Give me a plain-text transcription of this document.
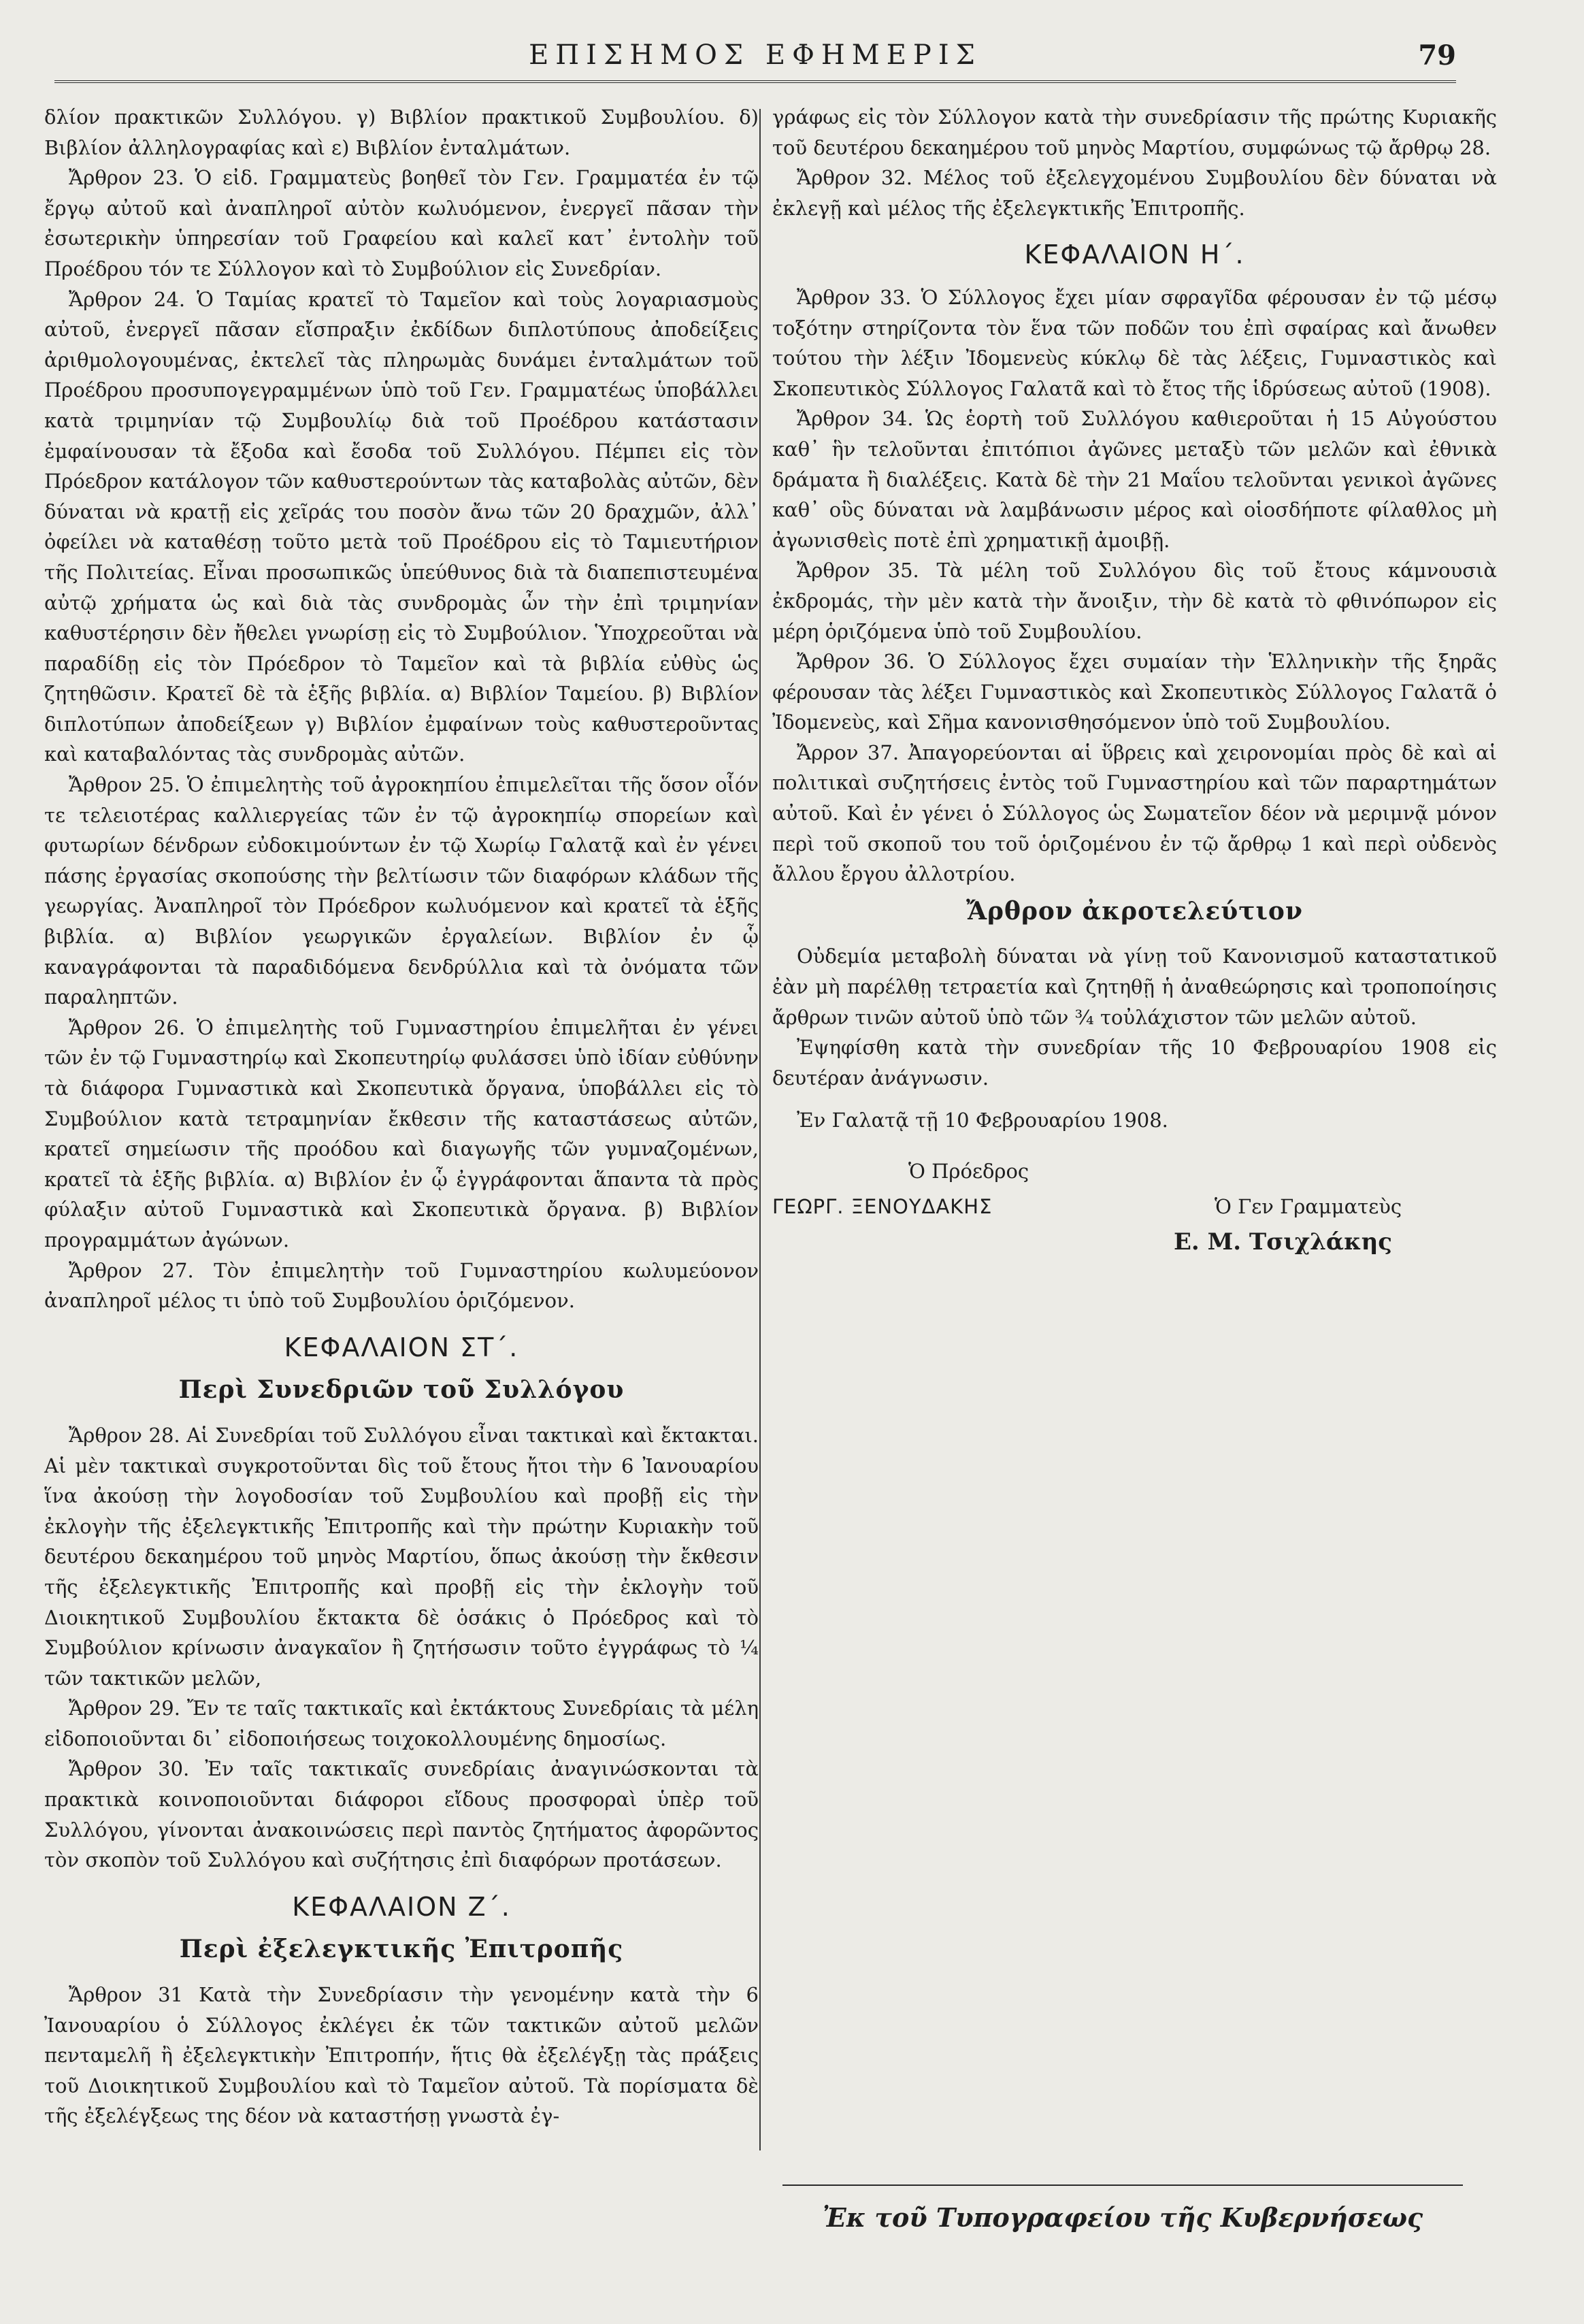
ΕΠΙΣΗΜΟΣ ΕΦΗΜΕΡΙΣ	79

δλίον πρακτικῶν Συλλόγου. γ) Βιβλίον πρακτικοῦ Συμβουλίου. δ) Βιβλίον ἀλληλογραφίας καὶ ε) Βιβλίον ἐνταλμάτων.

Ἄρθρον 23. Ὁ εἰδ. Γραμματεὺς βοηθεῖ τὸν Γεν. Γραμματέα ἐν τῷ ἔργῳ αὐτοῦ καὶ ἀναπληροῖ αὐτὸν κωλυόμενον, ἐνεργεῖ πᾶσαν τὴν ἐσωτερικὴν ὑπηρεσίαν τοῦ Γραφείου καὶ καλεῖ κατ᾽ ἐντολὴν τοῦ Προέδρου τόν τε Σύλλογον καὶ τὸ Συμβούλιον εἰς Συνεδρίαν.

Ἄρθρον 24. Ὁ Ταμίας κρατεῖ τὸ Ταμεῖον καὶ τοὺς λογαριασμοὺς αὐτοῦ, ἐνεργεῖ πᾶσαν εἴσπραξιν ἐκδίδων διπλοτύπους ἀποδείξεις ἀριθμολογουμένας, ἐκτελεῖ τὰς πληρωμὰς δυνάμει ἐνταλμάτων τοῦ Προέδρου προσυπογεγραμμένων ὑπὸ τοῦ Γεν. Γραμματέως ὑποβάλλει κατὰ τριμηνίαν τῷ Συμβουλίῳ διὰ τοῦ Προέδρου κατάστασιν ἐμφαίνουσαν τὰ ἔξοδα καὶ ἔσοδα τοῦ Συλλόγου. Πέμπει εἰς τὸν Πρόεδρον κατάλογον τῶν καθυστερούντων τὰς καταβολὰς αὐτῶν, δὲν δύναται νὰ κρατῇ εἰς χεῖράς του ποσὸν ἄνω τῶν 20 δραχμῶν, ἀλλ᾽ ὀφείλει νὰ καταθέσῃ τοῦτο μετὰ τοῦ Προέδρου εἰς τὸ Ταμιευτήριον τῆς Πολιτείας. Εἶναι προσωπικῶς ὑπεύθυνος διὰ τὰ διαπεπιστευμένα αὐτῷ χρήματα ὡς καὶ διὰ τὰς συνδρομὰς ὧν τὴν ἐπὶ τριμηνίαν καθυστέρησιν δὲν ἤθελει γνωρίσῃ εἰς τὸ Συμβούλιον. Ὑποχρεοῦται νὰ παραδίδῃ εἰς τὸν Πρόεδρον τὸ Ταμεῖον καὶ τὰ βιβλία εὐθὺς ὡς ζητηθῶσιν. Κρατεῖ δὲ τὰ ἑξῆς βιβλία. α) Βιβλίον Ταμείου. β) Βιβλίον διπλοτύπων ἀποδείξεων γ) Βιβλίον ἐμφαίνων τοὺς καθυστεροῦντας καὶ καταβαλόντας τὰς συνδρομὰς αὐτῶν.

Ἄρθρον 25. Ὁ ἐπιμελητὴς τοῦ ἀγροκηπίου ἐπιμελεῖται τῆς ὅσον οἷόν τε τελειοτέρας καλλιεργείας τῶν ἐν τῷ ἀγροκηπίῳ σπορείων καὶ φυτωρίων δένδρων εὐδοκιμούντων ἐν τῷ Χωρίῳ Γαλατᾷ καὶ ἐν γένει πάσης ἐργασίας σκοπούσης τὴν βελτίωσιν τῶν διαφόρων κλάδων τῆς γεωργίας. Ἀναπληροῖ τὸν Πρόεδρον κωλυόμενον καὶ κρατεῖ τὰ ἑξῆς βιβλία. α) Βιβλίον γεωργικῶν ἐργαλείων. Βιβλίον ἐν ᾧ καναγράφονται τὰ παραδιδόμενα δενδρύλλια καὶ τὰ ὀνόματα τῶν παραληπτῶν.

Ἄρθρον 26. Ὁ ἐπιμελητὴς τοῦ Γυμναστηρίου ἐπιμελῆται ἐν γένει τῶν ἐν τῷ Γυμναστηρίῳ καὶ Σκοπευτηρίῳ φυλάσσει ὑπὸ ἰδίαν εὐθύνην τὰ διάφορα Γυμναστικὰ καὶ Σκοπευτικὰ ὄργανα, ὑποβάλλει εἰς τὸ Συμβούλιον κατὰ τετραμηνίαν ἔκθεσιν τῆς καταστάσεως αὐτῶν, κρατεῖ σημείωσιν τῆς προόδου καὶ διαγωγῆς τῶν γυμναζομένων, κρατεῖ τὰ ἑξῆς βιβλία. α) Βιβλίον ἐν ᾧ ἐγγράφονται ἅπαντα τὰ πρὸς φύλαξιν αὐτοῦ Γυμναστικὰ καὶ Σκοπευτικὰ ὄργανα. β) Βιβλίον προγραμμάτων ἀγώνων.

Ἄρθρον 27. Τὸν ἐπιμελητὴν τοῦ Γυμναστηρίου κωλυμεύονον ἀναπληροῖ μέλος τι ὑπὸ τοῦ Συμβουλίου ὁριζόμενον.

ΚΕΦΑΛΑΙΟΝ ΣΤ΄.
Περὶ Συνεδριῶν τοῦ Συλλόγου

Ἄρθρον 28. Αἱ Συνεδρίαι τοῦ Συλλόγου εἶναι τακτικαὶ καὶ ἔκτακται. Αἱ μὲν τακτικαὶ συγκροτοῦνται δὶς τοῦ ἔτους ἤτοι τὴν 6 Ἰανουαρίου ἵνα ἀκούσῃ τὴν λογοδοσίαν τοῦ Συμβουλίου καὶ προβῇ εἰς τὴν ἐκλογὴν τῆς ἐξελεγκτικῆς Ἐπιτροπῆς καὶ τὴν πρώτην Κυριακὴν τοῦ δευτέρου δεκαημέρου τοῦ μηνὸς Μαρτίου, ὅπως ἀκούσῃ τὴν ἔκθεσιν τῆς ἐξελεγκτικῆς Ἐπιτροπῆς καὶ προβῇ εἰς τὴν ἐκλογὴν τοῦ Διοικητικοῦ Συμβουλίου ἔκτακτα δὲ ὁσάκις ὁ Πρόεδρος καὶ τὸ Συμβούλιον κρίνωσιν ἀναγκαῖον ἢ ζητήσωσιν τοῦτο ἐγγράφως τὸ ¼ τῶν τακτικῶν μελῶν,

Ἄρθρον 29. Ἔν τε ταῖς τακτικαῖς καὶ ἐκτάκτους Συνεδρίαις τὰ μέλη εἰδοποιοῦνται δι᾽ εἰδοποιήσεως τοιχοκολλουμένης δημοσίως.

Ἄρθρον 30. Ἐν ταῖς τακτικαῖς συνεδρίαις ἀναγινώσκονται τὰ πρακτικὰ κοινοποιοῦνται διάφοροι εἴδους προσφοραὶ ὑπὲρ τοῦ Συλλόγου, γίνονται ἀνακοινώσεις περὶ παντὸς ζητήματος ἀφορῶντος τὸν σκοπὸν τοῦ Συλλόγου καὶ συζήτησις ἐπὶ διαφόρων προτάσεων.

ΚΕΦΑΛΑΙΟΝ Ζ΄.
Περὶ ἐξελεγκτικῆς Ἐπιτροπῆς

Ἄρθρον 31 Κατὰ τὴν Συνεδρίασιν τὴν γενομένην κατὰ τὴν 6 Ἰανουαρίου ὁ Σύλλογος ἐκλέγει ἐκ τῶν τακτικῶν αὐτοῦ μελῶν πενταμελῆ ἢ ἐξελεγκτικὴν Ἐπιτροπήν, ἥτις θὰ ἐξελέγξῃ τὰς πράξεις τοῦ Διοικητικοῦ Συμβουλίου καὶ τὸ Ταμεῖον αὐτοῦ. Τὰ πορίσματα δὲ τῆς ἐξελέγξεως της δέον νὰ καταστήσῃ γνωστὰ ἐγ-

γράφως εἰς τὸν Σύλλογον κατὰ τὴν συνεδρίασιν τῆς πρώτης Κυριακῆς τοῦ δευτέρου δεκαημέρου τοῦ μηνὸς Μαρτίου, συμφώνως τῷ ἄρθρῳ 28.

Ἄρθρον 32. Μέλος τοῦ ἐξελεγχομένου Συμβουλίου δὲν δύναται νὰ ἐκλεγῇ καὶ μέλος τῆς ἐξελεγκτικῆς Ἐπιτροπῆς.

ΚΕΦΑΛΑΙΟΝ Η΄.

Ἄρθρον 33. Ὁ Σύλλογος ἔχει μίαν σφραγῖδα φέρουσαν ἐν τῷ μέσῳ τοξότην στηρίζοντα τὸν ἕνα τῶν ποδῶν του ἐπὶ σφαίρας καὶ ἄνωθεν τούτου τὴν λέξιν Ἰδομενεὺς κύκλῳ δὲ τὰς λέξεις, Γυμναστικὸς καὶ Σκοπευτικὸς Σύλλογος Γαλατᾶ καὶ τὸ ἔτος τῆς ἱδρύσεως αὐτοῦ (1908).

Ἄρθρον 34. Ὡς ἑορτὴ τοῦ Συλλόγου καθιεροῦται ἡ 15 Αὐγούστου καθ᾽ ἣν τελοῦνται ἐπιτόπιοι ἀγῶνες μεταξὺ τῶν μελῶν καὶ ἐθνικὰ δράματα ἢ διαλέξεις. Κατὰ δὲ τὴν 21 Μαΐου τελοῦνται γενικοὶ ἀγῶνες καθ᾽ οὓς δύναται νὰ λαμβάνωσιν μέρος καὶ οἱοσδήποτε φίλαθλος μὴ ἀγωνισθεὶς ποτὲ ἐπὶ χρηματικῇ ἀμοιβῇ.

Ἄρθρον 35. Τὰ μέλη τοῦ Συλλόγου δὶς τοῦ ἔτους κάμνουσιὰ ἐκδρομάς, τὴν μὲν κατὰ τὴν ἄνοιξιν, τὴν δὲ κατὰ τὸ φθινόπωρον εἰς μέρη ὁριζόμενα ὑπὸ τοῦ Συμβουλίου.

Ἄρθρον 36. Ὁ Σύλλογος ἔχει συμαίαν τὴν Ἑλληνικὴν τῆς ξηρᾶς φέρουσαν τὰς λέξει Γυμναστικὸς καὶ Σκοπευτικὸς Σύλλογος Γαλατᾶ ὁ Ἰδομενεὺς, καὶ Σῆμα κανονισθησόμενον ὑπὸ τοῦ Συμβουλίου.

Ἄρρον 37. Ἀπαγορεύονται αἱ ὕβρεις καὶ χειρονομίαι πρὸς δὲ καὶ αἱ πολιτικαὶ συζητήσεις ἐντὸς τοῦ Γυμναστηρίου καὶ τῶν παραρτημάτων αὐτοῦ. Καὶ ἐν γένει ὁ Σύλλογος ὡς Σωματεῖον δέον νὰ μεριμνᾷ μόνον περὶ τοῦ σκοποῦ του τοῦ ὁριζομένου ἐν τῷ ἄρθρῳ 1 καὶ περὶ οὐδενὸς ἄλλου ἔργου ἀλλοτρίου.

Ἄρθρον ἀκροτελεύτιον

Οὐδεμία μεταβολὴ δύναται νὰ γίνῃ τοῦ Κανονισμοῦ καταστατικοῦ ἐὰν μὴ παρέλθῃ τετραετία καὶ ζητηθῇ ἡ ἀναθεώρησις καὶ τροποποίησις ἄρθρων τινῶν αὐτοῦ ὑπὸ τῶν ¾ τοὐλάχιστον τῶν μελῶν αὐτοῦ.

Ἐψηφίσθη κατὰ τὴν συνεδρίαν τῆς 10 Φεβρουαρίου 1908 εἰς δευτέραν ἀνάγνωσιν.

Ἐν Γαλατᾷ τῇ 10 Φεβρουαρίου 1908.

Ὁ Πρόεδρος
ΓΕΩΡΓ. ΞΕΝΟΥΔΑΚΗΣ	Ὁ Γεν Γραμματεὺς
Ε. Μ. Τσιχλάκης
Ἐκ τοῦ Τυπογραφείου τῆς Κυβερνήσεως
